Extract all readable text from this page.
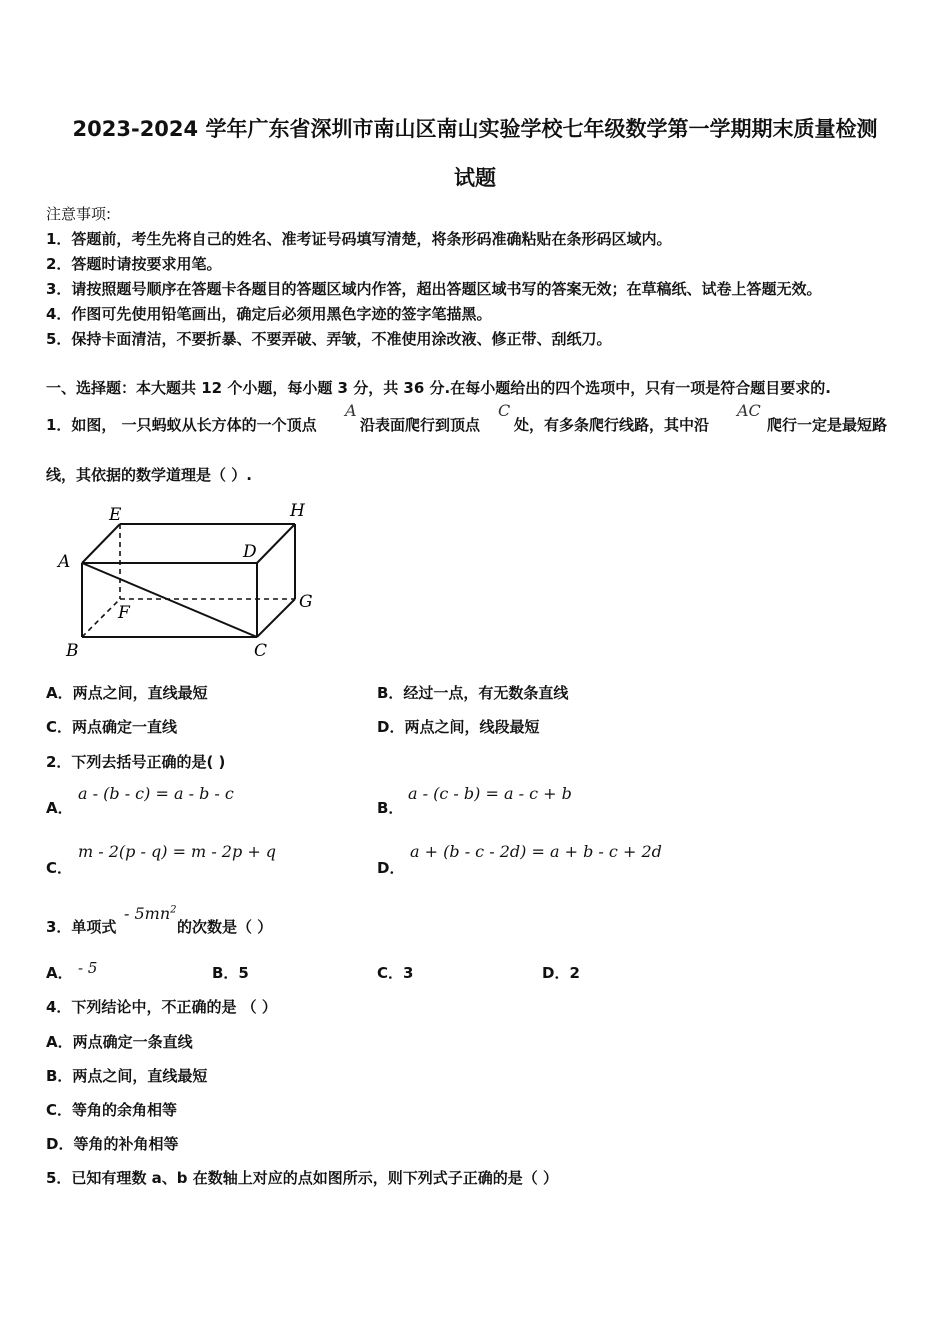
2023-2024 学年广东省深圳市南山区南山实验学校七年级数学第一学期期末质量检测
试题
注意事项:
1．答题前，考生先将自己的姓名、准考证号码填写清楚，将条形码准确粘贴在条形码区域内。
2．答题时请按要求用笔。
3．请按照题号顺序在答题卡各题目的答题区域内作答，超出答题区域书写的答案无效；在草稿纸、试卷上答题无效。
4．作图可先使用铅笔画出，确定后必须用黑色字迹的签字笔描黑。
5．保持卡面清洁，不要折暴、不要弄破、弄皱，不准使用涂改液、修正带、刮纸刀。
一、选择题：本大题共 12 个小题，每小题 3 分，共 36 分.在每小题给出的四个选项中，只有一项是符合题目要求的.
1．如图， 一只蚂蚁从长方体的一个顶点
A
沿表面爬行到顶点
C
处，有多条爬行线路，其中沿
AC
爬行一定是最短路
线，其依据的数学道理是（ ）.
A
B	C
D
E
F
G
H
A．两点之间，直线最短	B．经过一点，有无数条直线
C．两点确定一直线	D．两点之间，线段最短
2．下列去括号正确的是( )
A．
a - (b - c) = a - b - c
B．
a - (c - b) = a - c + b
C．
m - 2(p - q) = m - 2p + q
D．
a + (b - c - 2d) = a + b - c + 2d
3．单项式
- $5mn^2$
的次数是（ ）
A． - 5	B．5	C．3	D．2
4．下列结论中，不正确的是 （ ）
A．两点确定一条直线
B．两点之间，直线最短
C．等角的余角相等
D．等角的补角相等
5．已知有理数 a、b 在数轴上对应的点如图所示，则下列式子正确的是（ ）
